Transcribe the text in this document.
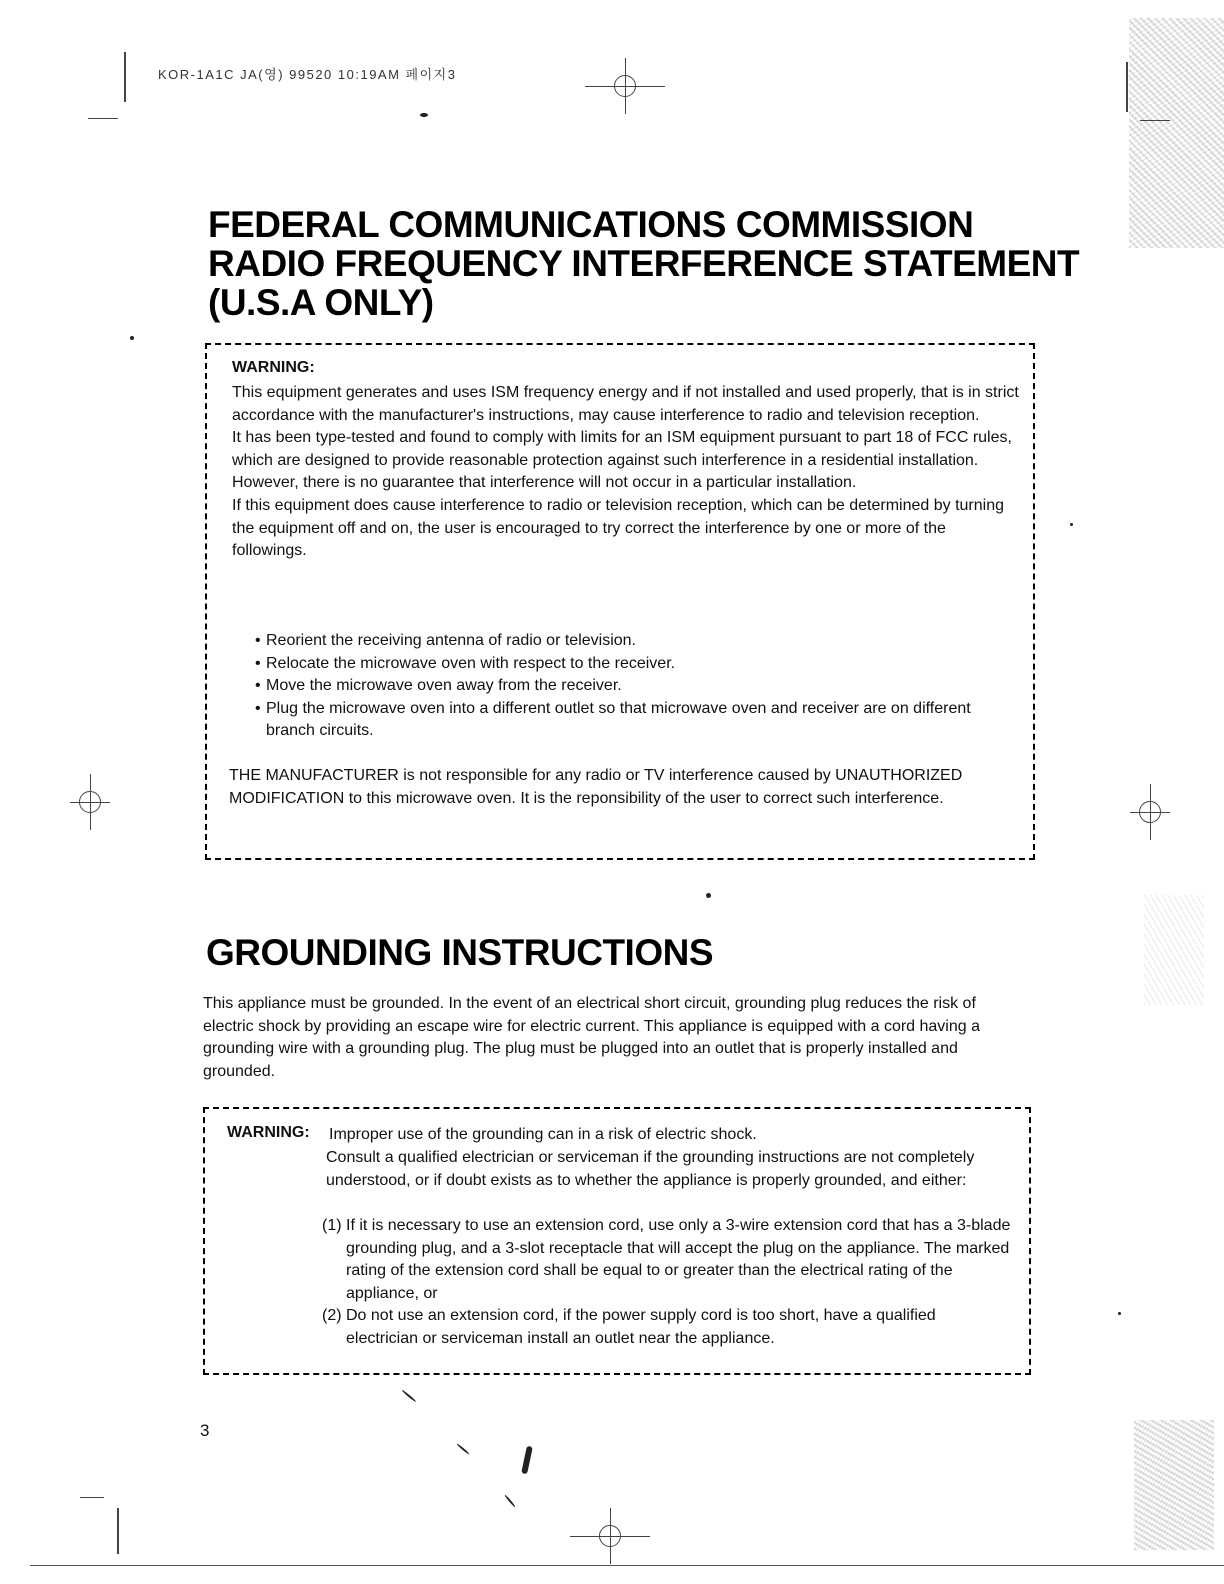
KOR-1A1C JA(영) 99520 10:19AM 페이지3
FEDERAL COMMUNICATIONS COMMISSION
RADIO FREQUENCY INTERFERENCE STATEMENT
(U.S.A ONLY)
WARNING:

This equipment generates and uses ISM frequency energy and if not installed and used properly, that is in strict accordance with the manufacturer's instructions, may cause interference to radio and television reception.

It has been type-tested and found to comply with limits for an ISM equipment pursuant to part 18 of FCC rules, which are designed to provide reasonable protection against such interference in a residential installation.

However, there is no guarantee that interference will not occur in a particular installation.

If this equipment does cause interference to radio or television reception, which can be determined by turning the equipment off and on, the user is encouraged to try correct the interference by one or more of the followings.

• Reorient the receiving antenna of radio or television.
• Relocate the microwave oven with respect to the receiver.
• Move the microwave oven away from the receiver.
• Plug the microwave oven into a different outlet so that microwave oven and receiver are on different branch circuits.

THE MANUFACTURER is not responsible for any radio or TV interference caused by UNAUTHORIZED MODIFICATION to this microwave oven. It is the reponsibility of the user to correct such interference.

GROUNDING INSTRUCTIONS

This appliance must be grounded. In the event of an electrical short circuit, grounding plug reduces the risk of electric shock by providing an escape wire for electric current. This appliance is equipped with a cord having a grounding wire with a grounding plug. The plug must be plugged into an outlet that is properly installed and grounded.

WARNING: Improper use of the grounding can in a risk of electric shock.

Consult a qualified electrician or serviceman if the grounding instructions are not completely understood, or if doubt exists as to whether the appliance is properly grounded, and either:

(1) If it is necessary to use an extension cord, use only a 3-wire extension cord that has a 3-blade grounding plug, and a 3-slot receptacle that will accept the plug on the appliance. The marked rating of the extension cord shall be equal to or greater than the electrical rating of the appliance, or
(2) Do not use an extension cord, if the power supply cord is too short, have a qualified electrician or serviceman install an outlet near the appliance.
3
